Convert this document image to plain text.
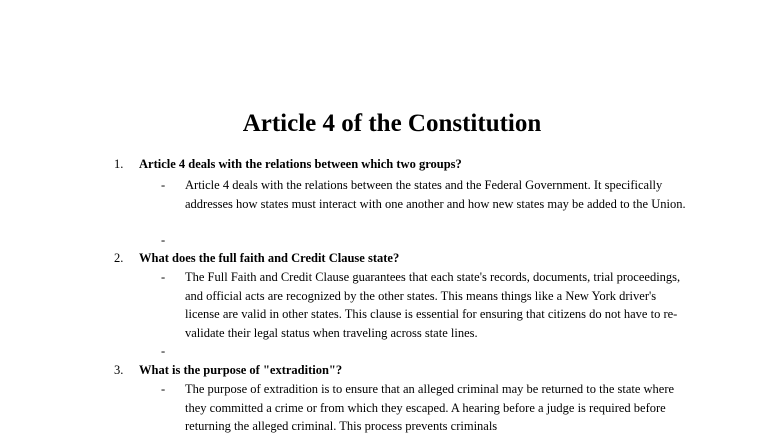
Article 4 of the Constitution
1. Article 4 deals with the relations between which two groups?
- Article 4 deals with the relations between the states and the Federal Government. It specifically addresses how states must interact with one another and how new states may be added to the Union.
-
2. What does the full faith and Credit Clause state?
- The Full Faith and Credit Clause guarantees that each state's records, documents, trial proceedings, and official acts are recognized by the other states. This means things like a New York driver's license are valid in other states. This clause is essential for ensuring that citizens do not have to re-validate their legal status when traveling across state lines.
-
3. What is the purpose of "extradition"?
- The purpose of extradition is to ensure that an alleged criminal may be returned to the state where they committed a crime or from which they escaped. A hearing before a judge is required before returning the alleged criminal. This process prevents criminals
